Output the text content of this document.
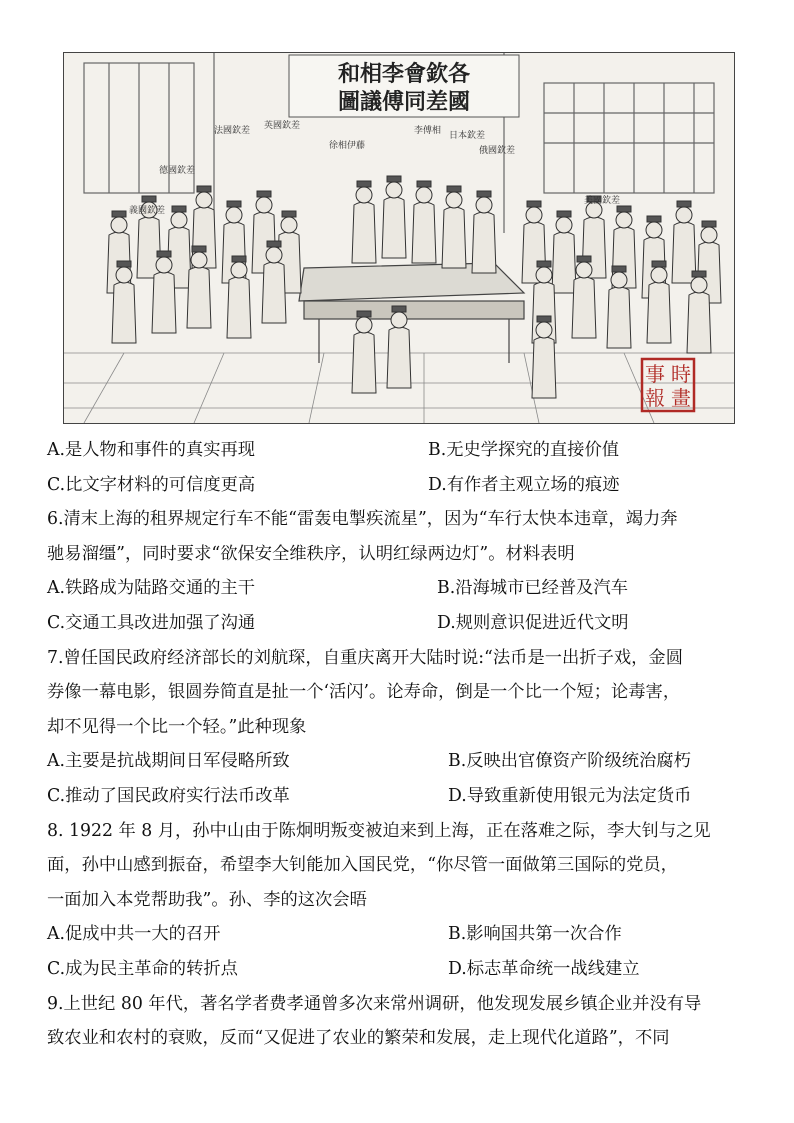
和相李會欽各
圖議傅同差國
法國欽差 英國欽差
德國欽差
俄國欽差
李傅相
徐相伊藤
日本欽差
美國欽差
義國欽差
時
事
畫
報
A.是人物和事件的真实再现	B.无史学探究的直接价值
C.比文字材料的可信度更高	D.有作者主观立场的痕迹
6.清末上海的租界规定行车不能“雷轰电掣疾流星”，因为“车行太快本违章，竭力奔
驰易溜缰”，同时要求“欲保安全维秩序，认明红绿两边灯”。材料表明
A.铁路成为陆路交通的主干	B.沿海城市已经普及汽车
C.交通工具改进加强了沟通	D.规则意识促进近代文明
7.曾任国民政府经济部长的刘航琛，自重庆离开大陆时说:“法币是一出折子戏，金圆
券像一幕电影，银圆券简直是扯一个‘活闪’。论寿命，倒是一个比一个短；论毒害，
却不见得一个比一个轻。”此种现象
A.主要是抗战期间日军侵略所致	B.反映出官僚资产阶级统治腐朽
C.推动了国民政府实行法币改革	D.导致重新使用银元为法定货币
8. 1922 年 8 月，孙中山由于陈炯明叛变被迫来到上海，正在落难之际，李大钊与之见
面，孙中山感到振奋，希望李大钊能加入国民党，“你尽管一面做第三国际的党员，
一面加入本党帮助我”。孙、李的这次会晤
A.促成中共一大的召开	B.影响国共第一次合作
C.成为民主革命的转折点	D.标志革命统一战线建立
9.上世纪 80 年代，著名学者费孝通曾多次来常州调研，他发现发展乡镇企业并没有导
致农业和农村的衰败，反而“又促进了农业的繁荣和发展，走上现代化道路”，不同
